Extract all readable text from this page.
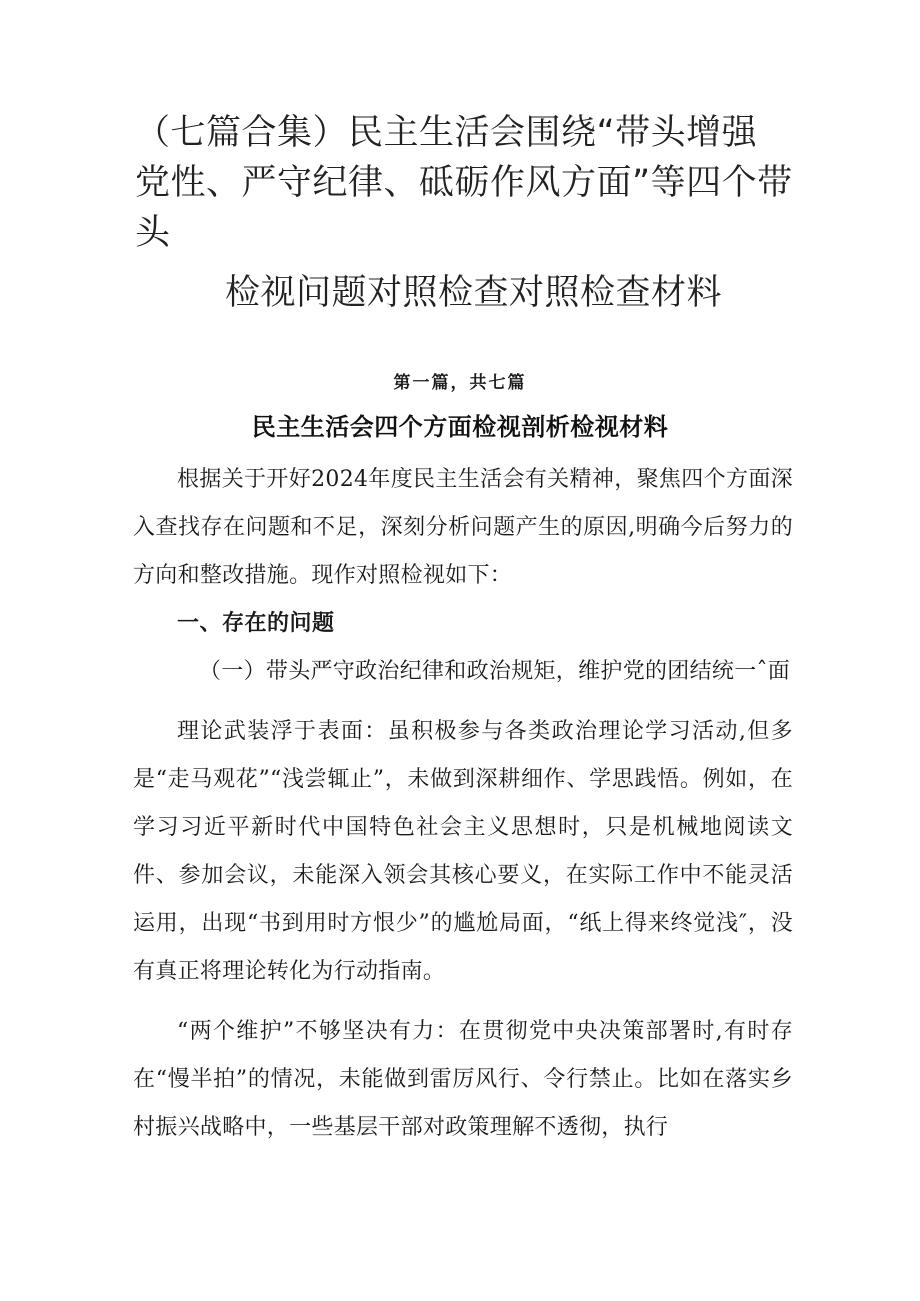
（七篇合集）民主生活会围绕“带头增强
党性、严守纪律、砥砺作风方面”等四个带
头
检视问题对照检查对照检查材料
第一篇，共七篇
民主生活会四个方面检视剖析检视材料

根据关于开好2024年度民主生活会有关精神，聚焦四个方面深入查找存在问题和不足，深刻分析问题产生的原因,明确今后努力的方向和整改措施。现作对照检视如下：

一、存在的问题

（一）带头严守政治纪律和政治规矩，维护党的团结统一ˆ面

理论武装浮于表面：虽积极参与各类政治理论学习活动,但多是“走马观花”“浅尝辄止”，未做到深耕细作、学思践悟。例如，在学习习近平新时代中国特色社会主义思想时，只是机械地阅读文件、参加会议，未能深入领会其核心要义，在实际工作中不能灵活运用，出现“书到用时方恨少”的尴尬局面，“纸上得来终觉浅″，没有真正将理论转化为行动指南。

“两个维护”不够坚决有力：在贯彻党中央决策部署时,有时存在“慢半拍”的情况，未能做到雷厉风行、令行禁止。比如在落实乡村振兴战略中，一些基层干部对政策理解不透彻，执行
